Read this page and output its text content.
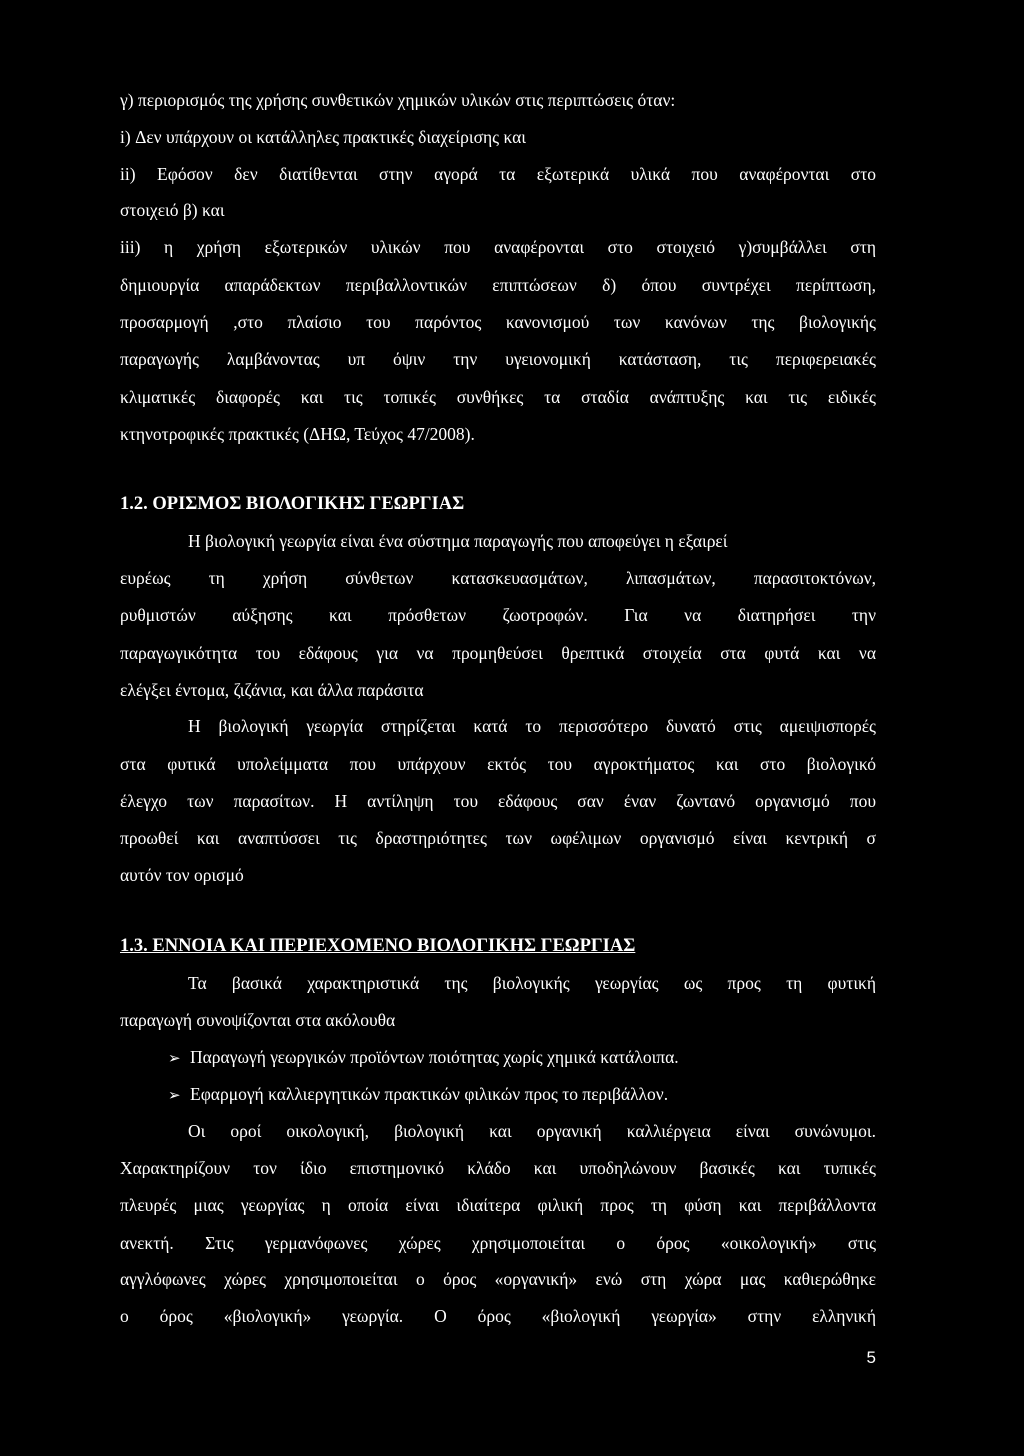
γ) περιορισμός της χρήσης συνθετικών χημικών υλικών στις περιπτώσεις όταν:
i) Δεν υπάρχουν οι κατάλληλες πρακτικές διαχείρισης και
ii) Εφόσον δεν διατίθενται στην αγορά τα εξωτερικά υλικά που αναφέρονται στο
στοιχειό β) και
iii) η χρήση εξωτερικών υλικών που αναφέρονται στο στοιχειό γ)συμβάλλει στη
δημιουργία απαράδεκτων περιβαλλοντικών επιπτώσεων δ) όπου συντρέχει περίπτωση,
προσαρμογή ,στο πλαίσιο του παρόντος κανονισμού των κανόνων της βιολογικής
παραγωγής λαμβάνοντας υπ όψιν την υγειονομική κατάσταση, τις περιφερειακές
κλιματικές διαφορές και τις τοπικές συνθήκες τα σταδία ανάπτυξης και τις ειδικές
κτηνοτροφικές πρακτικές (ΔΗΩ, Τεύχος 47/2008).
1.2. ΟΡΙΣΜΟΣ ΒΙΟΛΟΓΙΚΗΣ ΓΕΩΡΓΙΑΣ
Η βιολογική γεωργία είναι ένα σύστημα παραγωγής που αποφεύγει η εξαιρεί
ευρέως τη χρήση σύνθετων κατασκευασμάτων, λιπασμάτων, παρασιτοκτόνων,
ρυθμιστών αύξησης και πρόσθετων ζωοτροφών. Για να διατηρήσει την
παραγωγικότητα του εδάφους για να προμηθεύσει θρεπτικά στοιχεία στα φυτά και να
ελέγξει έντομα, ζιζάνια, και άλλα παράσιτα
Η βιολογική γεωργία στηρίζεται κατά το περισσότερο δυνατό στις αμειψισπορές
στα φυτικά υπολείμματα που υπάρχουν εκτός του αγροκτήματος και στο βιολογικό
έλεγχο των παρασίτων. Η αντίληψη του εδάφους σαν έναν ζωντανό οργανισμό που
προωθεί και αναπτύσσει τις δραστηριότητες των ωφέλιμων οργανισμό είναι κεντρική σ
αυτόν τον ορισμό
1.3. ΕΝΝΟΙΑ ΚΑΙ ΠΕΡΙΕΧΟΜΕΝΟ ΒΙΟΛΟΓΙΚΗΣ ΓΕΩΡΓΙΑΣ
Τα βασικά χαρακτηριστικά της βιολογικής γεωργίας ως προς τη φυτική
παραγωγή συνοψίζονται στα ακόλουθα
➢ Παραγωγή γεωργικών προϊόντων ποιότητας χωρίς χημικά κατάλοιπα.
➢ Εφαρμογή καλλιεργητικών πρακτικών φιλικών προς το περιβάλλον.
Οι οροί οικολογική, βιολογική και οργανική καλλιέργεια είναι συνώνυμοι.
Χαρακτηρίζουν τον ίδιο επιστημονικό κλάδο και υποδηλώνουν βασικές και τυπικές
πλευρές μιας γεωργίας η οποία είναι ιδιαίτερα φιλική προς τη φύση και περιβάλλοντα
ανεκτή. Στις γερμανόφωνες χώρες χρησιμοποιείται ο όρος «οικολογική» στις
αγγλόφωνες χώρες χρησιμοποιείται ο όρος «οργανική» ενώ στη χώρα μας καθιερώθηκε
ο όρος «βιολογική» γεωργία. Ο όρος «βιολογική γεωργία» στην ελληνική
5
